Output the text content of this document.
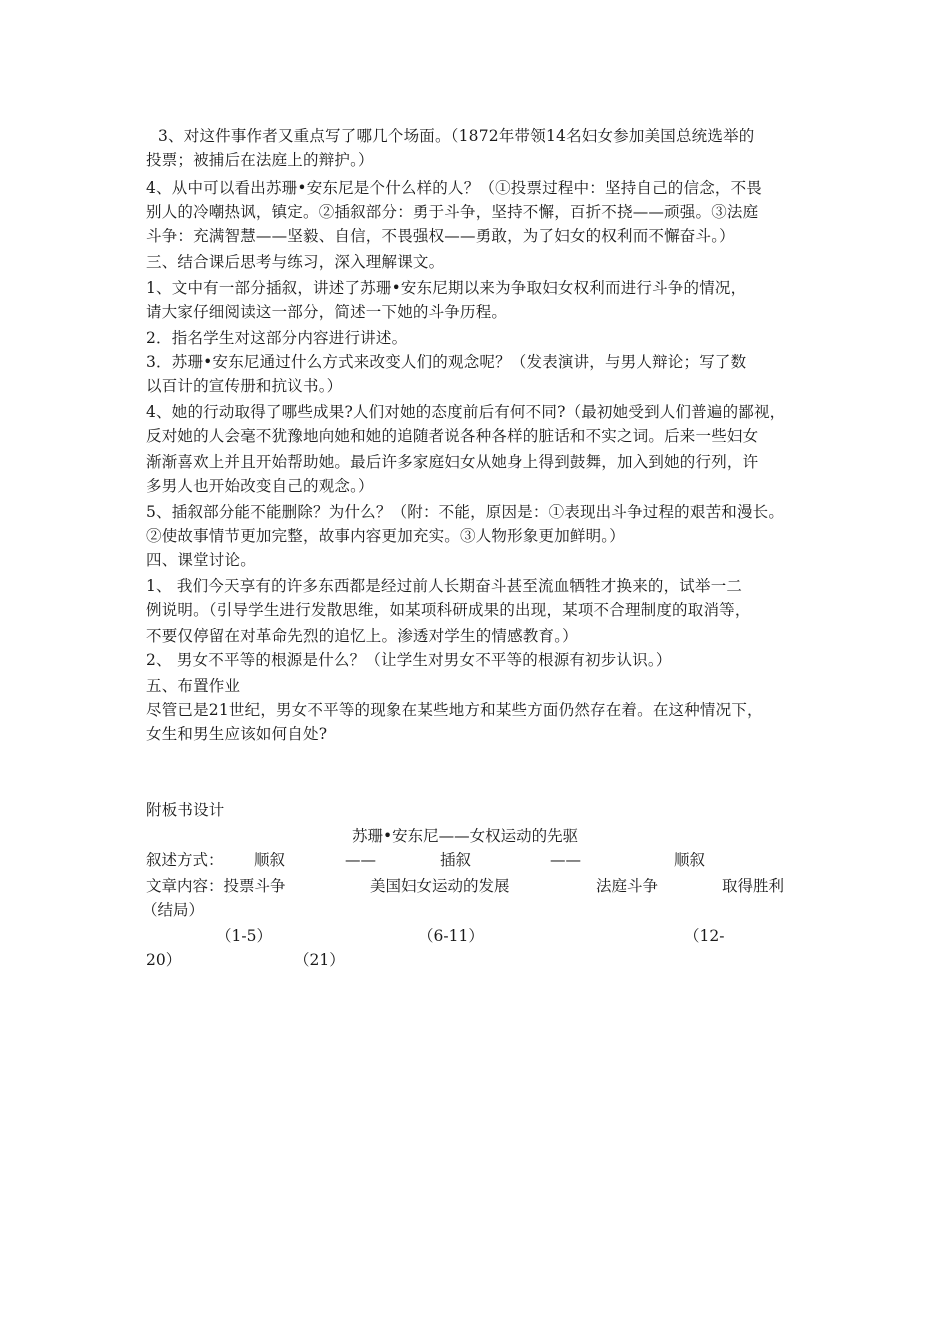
3、对这件事作者又重点写了哪几个场面。（1872年带领14名妇女参加美国总统选举的
投票；被捕后在法庭上的辩护。）
4、从中可以看出苏珊•安东尼是个什么样的人？（①投票过程中：坚持自己的信念，不畏
别人的冷嘲热讽，镇定。②插叙部分：勇于斗争，坚持不懈，百折不挠——顽强。③法庭
斗争：充满智慧——坚毅、自信，不畏强权——勇敢，为了妇女的权利而不懈奋斗。）
三、结合课后思考与练习，深入理解课文。
1、文中有一部分插叙，讲述了苏珊•安东尼期以来为争取妇女权利而进行斗争的情况，
请大家仔细阅读这一部分，简述一下她的斗争历程。
2．指名学生对这部分内容进行讲述。
3．苏珊•安东尼通过什么方式来改变人们的观念呢？（发表演讲，与男人辩论；写了数
以百计的宣传册和抗议书。）
4、她的行动取得了哪些成果?人们对她的态度前后有何不同?（最初她受到人们普遍的鄙视，
反对她的人会毫不犹豫地向她和她的追随者说各种各样的脏话和不实之词。后来一些妇女
渐渐喜欢上并且开始帮助她。最后许多家庭妇女从她身上得到鼓舞，加入到她的行列，许
多男人也开始改变自己的观念。）
5、插叙部分能不能删除？为什么？（附：不能，原因是：①表现出斗争过程的艰苦和漫长。
②使故事情节更加完整，故事内容更加充实。③人物形象更加鲜明。）
四、课堂讨论。
1、 我们今天享有的许多东西都是经过前人长期奋斗甚至流血牺牲才换来的，试举一二
例说明。（引导学生进行发散思维，如某项科研成果的出现，某项不合理制度的取消等，
不要仅停留在对革命先烈的追忆上。渗透对学生的情感教育。）
2、 男女不平等的根源是什么？（让学生对男女不平等的根源有初步认识。）
五、布置作业
尽管已是21世纪，男女不平等的现象在某些地方和某些方面仍然存在着。在这种情况下，
女生和男生应该如何自处?
附板书设计
苏珊•安东尼——女权运动的先驱
叙述方式： 顺叙	——	插叙	——	顺叙
文章内容：投票斗争	美国妇女运动的发展	法庭斗争	取得胜利
（结局）
（1-5）	（6-11）	（12-
20）	（21）
